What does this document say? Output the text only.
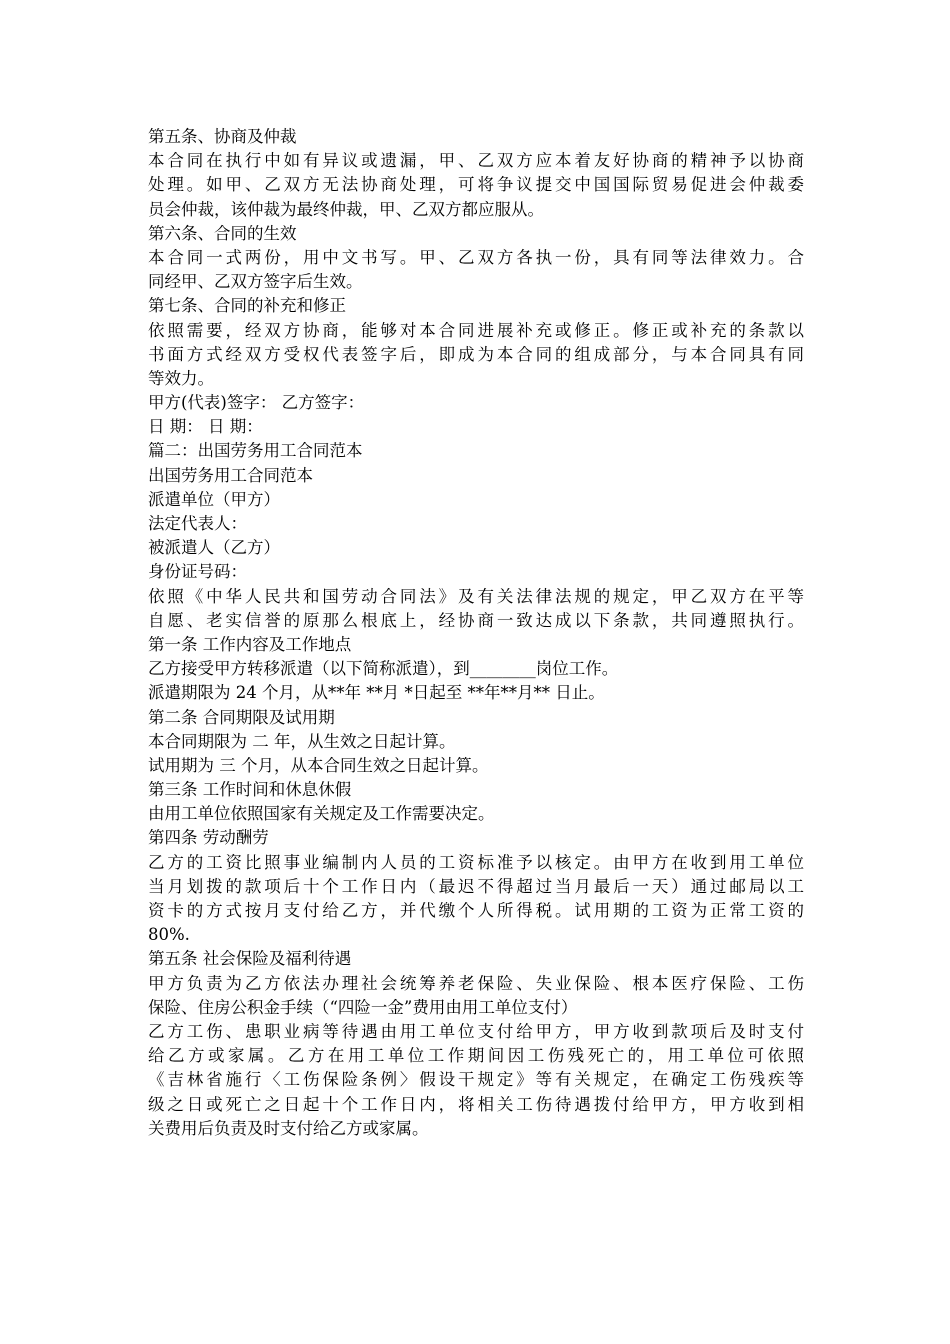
第五条、协商及仲裁
本合同在执行中如有异议或遗漏，甲、乙双方应本着友好协商的精神予以协商
处理。如甲、乙双方无法协商处理，可将争议提交中国国际贸易促进会仲裁委
员会仲裁，该仲裁为最终仲裁，甲、乙双方都应服从。
第六条、合同的生效
本合同一式两份，用中文书写。甲、乙双方各执一份，具有同等法律效力。合
同经甲、乙双方签字后生效。
第七条、合同的补充和修正
依照需要，经双方协商，能够对本合同进展补充或修正。修正或补充的条款以
书面方式经双方受权代表签字后，即成为本合同的组成部分，与本合同具有同
等效力。
甲方(代表)签字： 乙方签字：
日 期： 日 期：
篇二：出国劳务用工合同范本
出国劳务用工合同范本
派遣单位（甲方）
法定代表人：
被派遣人（乙方）
身份证号码：
依照《中华人民共和国劳动合同法》及有关法律法规的规定，甲乙双方在平等
自愿、老实信誉的原那么根底上，经协商一致达成以下条款，共同遵照执行。
第一条 工作内容及工作地点
乙方接受甲方转移派遣（以下简称派遣），到________岗位工作。
派遣期限为 24 个月，从**年 **月 *日起至 **年**月** 日止。
第二条 合同期限及试用期
本合同期限为 二 年，从生效之日起计算。
试用期为 三 个月，从本合同生效之日起计算。
第三条 工作时间和休息休假
由用工单位依照国家有关规定及工作需要决定。
第四条 劳动酬劳
乙方的工资比照事业编制内人员的工资标准予以核定。由甲方在收到用工单位
当月划拨的款项后十个工作日内（最迟不得超过当月最后一天）通过邮局以工
资卡的方式按月支付给乙方，并代缴个人所得税。试用期的工资为正常工资的
80%.
第五条 社会保险及福利待遇
甲方负责为乙方依法办理社会统筹养老保险、失业保险、根本医疗保险、工伤
保险、住房公积金手续（“四险一金”费用由用工单位支付）
乙方工伤、患职业病等待遇由用工单位支付给甲方，甲方收到款项后及时支付
给乙方或家属。乙方在用工单位工作期间因工伤残死亡的，用工单位可依照
《吉林省施行〈工伤保险条例〉假设干规定》等有关规定，在确定工伤残疾等
级之日或死亡之日起十个工作日内，将相关工伤待遇拨付给甲方，甲方收到相
关费用后负责及时支付给乙方或家属。
